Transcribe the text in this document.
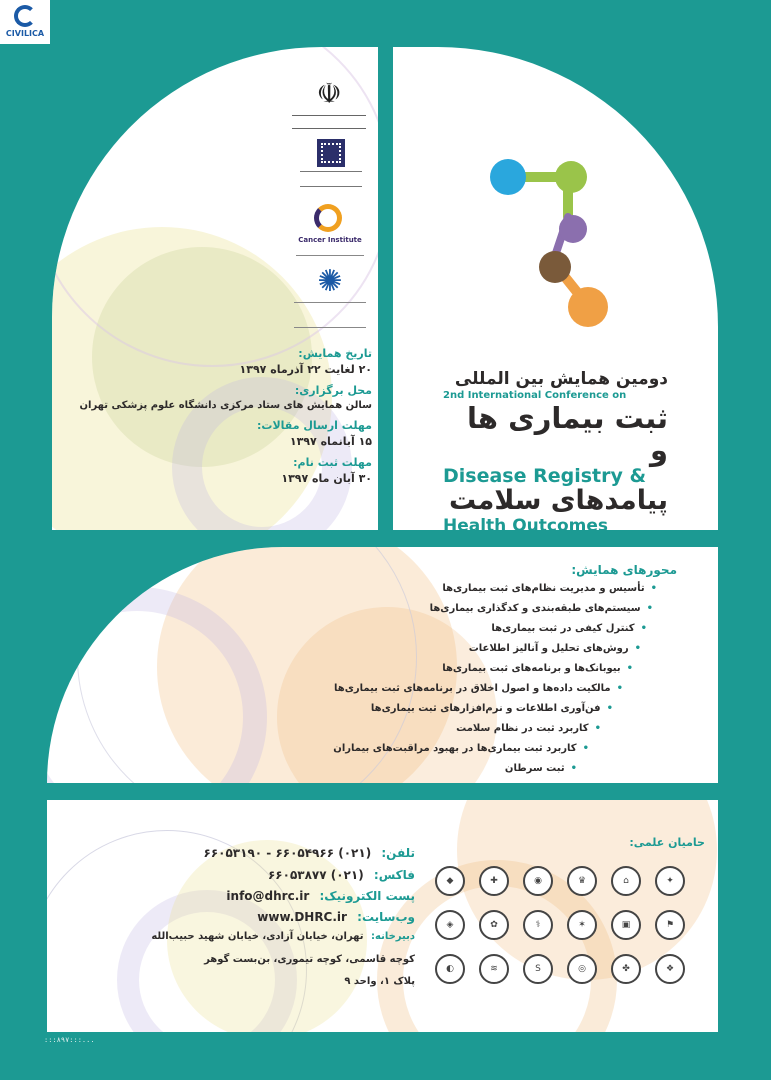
CIVILICA
☫
Cancer Institute
✺
تاریخ همایش:
۲۰ لغایت ۲۲ آذرماه ۱۳۹۷
محل برگزاری:
سالن همایش های ستاد مرکزی دانشگاه علوم پزشکی تهران
مهلت ارسال مقالات:
۱۵ آبانماه ۱۳۹۷
مهلت ثبت نام:
۳۰ آبان ماه ۱۳۹۷
دومین همایش بین المللی
2nd International Conference on
ثبت بیماری ها و
Disease Registry &
پیامدهای سلامت
Health Outcomes
محورهای همایش:
•تأسیس و مدیریت نظام‌های ثبت بیماری‌ها
•سیستم‌های طبقه‌بندی و کدگذاری بیماری‌ها
•کنترل کیفی در ثبت بیماری‌ها
•روش‌های تحلیل و آنالیز اطلاعات
•بیوبانک‌ها و برنامه‌های ثبت بیماری‌ها
•مالکیت داده‌ها و اصول اخلاق در برنامه‌های ثبت بیماری‌ها
•فن‌آوری اطلاعات و نرم‌افزارهای ثبت بیماری‌ها
•کاربرد ثبت در نظام سلامت
•کاربرد ثبت بیماری‌ها در بهبود مراقبت‌های بیماران
•ثبت سرطان
تلفن: (۰۲۱) ۶۶۰۵۴۹۶۶ - ۶۶۰۵۳۱۹۰
فاکس: (۰۲۱) ۶۶۰۵۳۸۷۷
پست الکترونیک: info@dhrc.ir
وب‌سایت: www.DHRC.ir
دبیرخانه: تهران، خیابان آزادی، خیابان شهید حبیب‌الله
کوچه قاسمی، کوچه تیموری، بن‌بست گوهر
پلاک ۱، واحد ۹
حامیان علمی:
◆	✚	◉	♛	⌂	✦
◈	✿	⚕	✶	▣	⚑
◐	≋	S	◎	✤	❖
:::۸۹۷:::...
